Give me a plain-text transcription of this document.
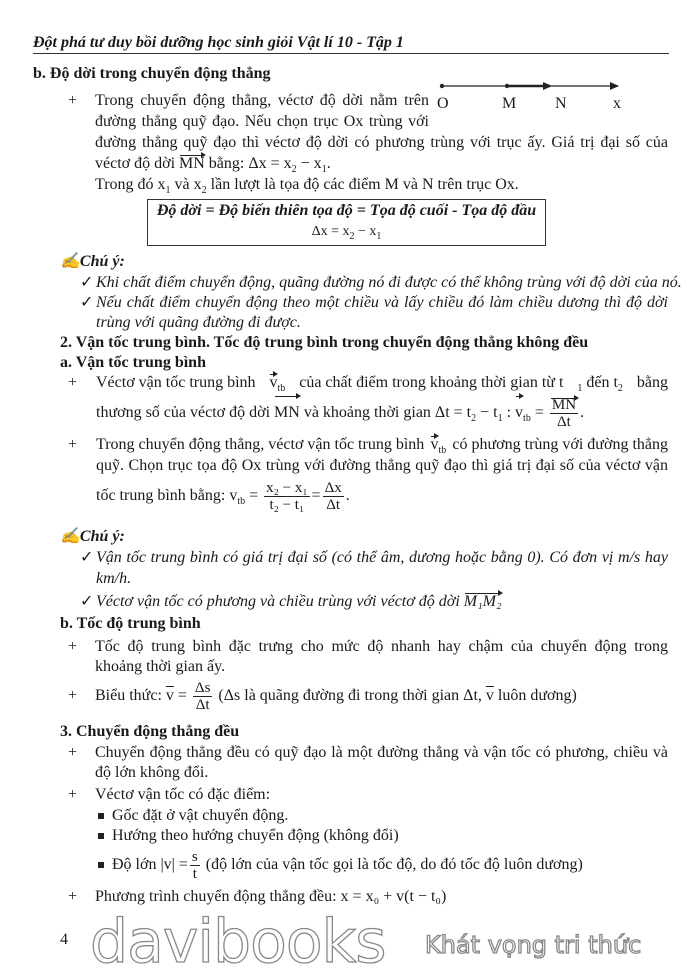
Đột phá tư duy bồi dưỡng học sinh giỏi Vật lí 10 - Tập 1
b. Độ dời trong chuyển động thẳng
+ Trong chuyển động thẳng, véctơ độ dời nằm trên
đường thẳng quỹ đạo. Nếu chọn trục Ox trùng với
đường thẳng quỹ đạo thì véctơ độ dời có phương trùng với trục ấy. Giá trị đại số của
véctơ độ dời MN bằng: $\Delta x = x_2 - x_1$.
Trong đó $x_1$ và $x_2$ lần lượt là tọa độ các điểm M và N trên trục Ox.
O	M N	x
Độ dời = Độ biến thiên tọa độ = Tọa độ cuối - Tọa độ đầu
$\Delta x = x_2 - x_1$
✍Chú ý:
✓ Khi chất điểm chuyển động, quãng đường nó đi được có thể không trùng với độ dời của nó.
✓ Nếu chất điểm chuyển động theo một chiều và lấy chiều đó làm chiều dương thì độ dời
trùng với quãng đường đi được.
2. Vận tốc trung bình. Tốc độ trung bình trong chuyển động thẳng không đều
a. Vận tốc trung bình
+ Véctơ vận tốc trung bình $v_{tb}$ của chất điểm trong khoảng thời gian từ t $_1$ đến $t_2$ bằng
thương số của véctơ độ dời MN và khoảng thời gian $\Delta t = t_2 - t_1$ : $v_{tb} = \frac{MN}{\Delta t}$ .
+ Trong chuyển động thẳng, véctơ vận tốc trung bình $v_{tb}$ có phương trùng với đường thẳng
quỹ. Chọn trục tọa độ Ox trùng với đường thẳng quỹ đạo thì giá trị đại số của véctơ vận
tốc trung bình bằng: $v_{tb} = \frac{\text{x₂ − x₁}}{\text{t₂ − t₁}} = \frac{\Delta x}{\Delta t}$ .
✍Chú ý:
✓ Vận tốc trung bình có giá trị đại số (có thể âm, dương hoặc bằng 0). Có đơn vị m/s hay
km/h.
✓ Véctơ vận tốc có phương và chiều trùng với véctơ độ dời M₁M₂
b. Tốc độ trung bình
+ Tốc độ trung bình đặc trưng cho mức độ nhanh hay chậm của chuyển động trong
khoảng thời gian ấy.
+ Biểu thức: $\overline{v} = \frac{\Delta s}{\Delta t} (\Delta s$ là quãng đường đi trong thời gian Δt, $\overline{v}$ luôn dương)
3. Chuyển động thẳng đều
+ Chuyển động thẳng đều có quỹ đạo là một đường thẳng và vận tốc có phương, chiều và
độ lớn không đổi.
+ Véctơ vận tốc có đặc điểm:
Gốc đặt ở vật chuyển động.
Hướng theo hướng chuyển động (không đổi)
Độ lớn $|v| = \frac{s}{t}$ (độ lớn của vận tốc gọi là tốc độ, do đó tốc độ luôn dương)
+ Phương trình chuyển động thẳng đều: x = x₀ + v(t − t₀)
4 davibooks Khát vọng tri thức
